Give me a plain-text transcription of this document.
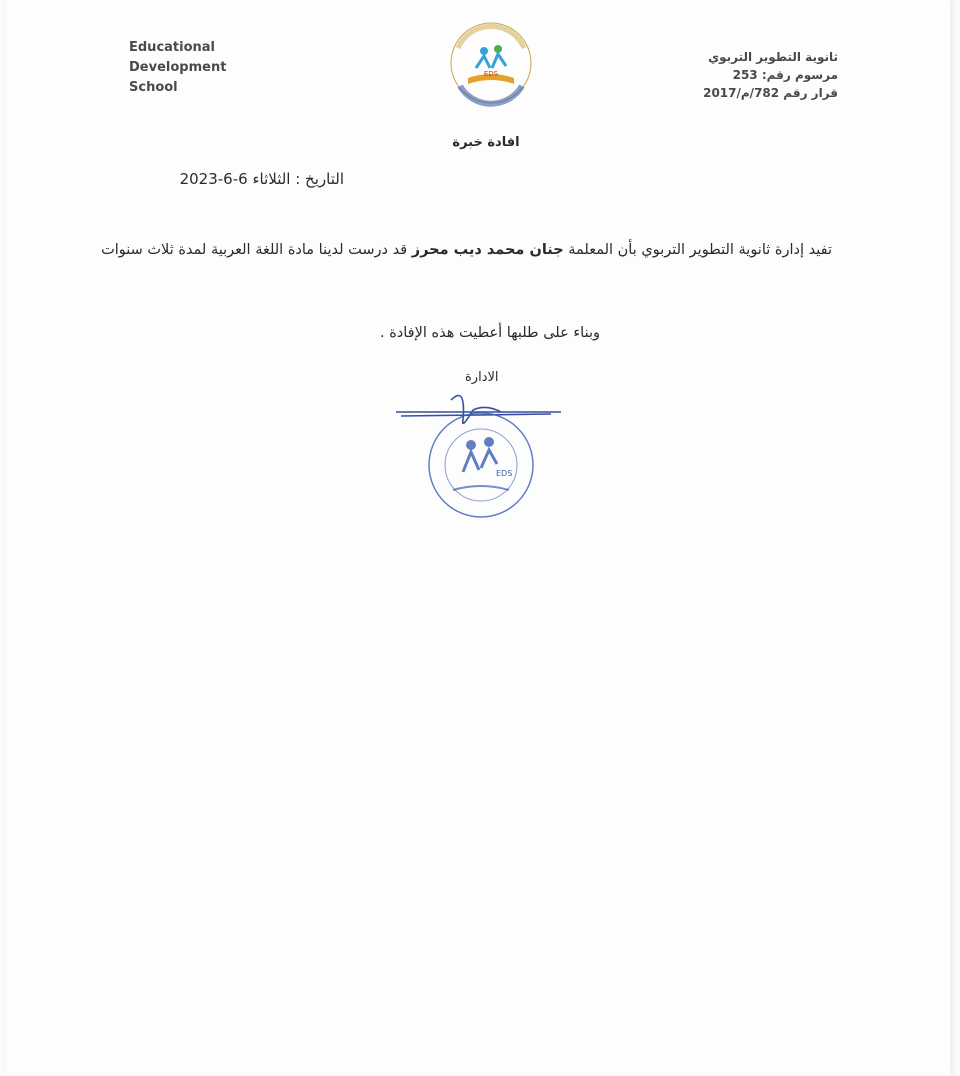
Educational
Development
School
EDS
ثانوية التطوير التربوي
مرسوم رقم: 253
قرار رقم 782/م/2017
افادة خبرة
التاريخ : الثلاثاء 6-6-2023
تفيد إدارة ثانوية التطوير التربوي بأن المعلمة جنان محمد ديب محرز قد درست لدينا مادة اللغة العربية لمدة ثلاث سنوات
وبناء على طلبها أعطيت هذه الإفادة .
الادارة
EDS
